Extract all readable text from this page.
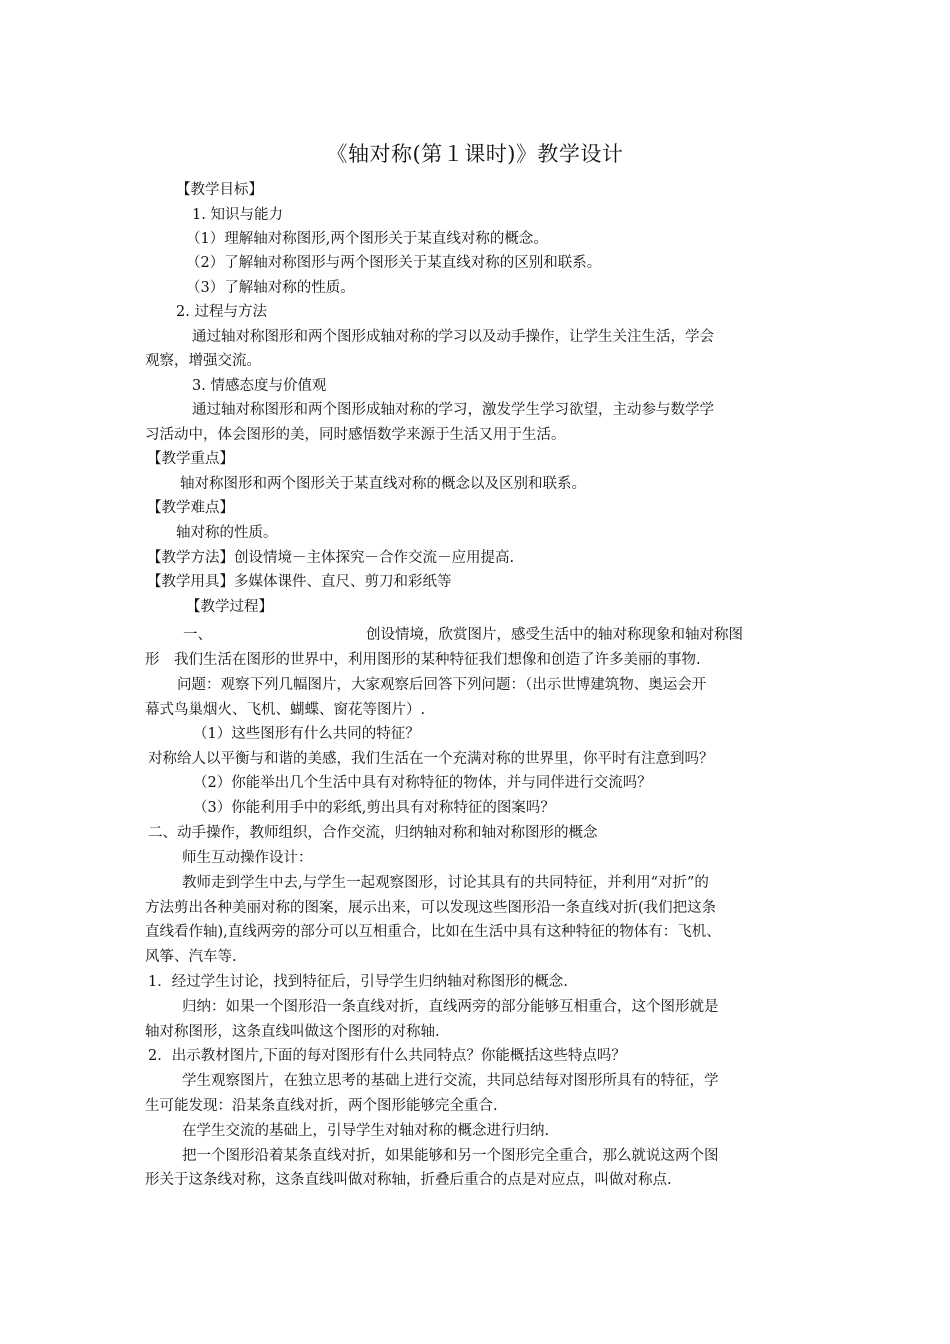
《轴对称(第１课时)》教学设计
【教学目标】
1. 知识与能力
（1）理解轴对称图形,两个图形关于某直线对称的概念。
（2）了解轴对称图形与两个图形关于某直线对称的区别和联系。
（3）了解轴对称的性质。
2. 过程与方法
通过轴对称图形和两个图形成轴对称的学习以及动手操作，让学生关注生活，学会
观察，增强交流。
3. 情感态度与价值观
通过轴对称图形和两个图形成轴对称的学习，激发学生学习欲望，主动参与数学学
习活动中，体会图形的美，同时感悟数学来源于生活又用于生活。
【教学重点】
轴对称图形和两个图形关于某直线对称的概念以及区别和联系。
【教学难点】
轴对称的性质。
【教学方法】创设情境－主体探究－合作交流－应用提高.
【教学用具】多媒体课件、直尺、剪刀和彩纸等
【教学过程】
一、	创设情境，欣赏图片，感受生活中的轴对称现象和轴对称图
形　我们生活在图形的世界中，利用图形的某种特征我们想像和创造了许多美丽的事物.
问题：观察下列几幅图片，大家观察后回答下列问题：（出示世博建筑物、奥运会开
幕式鸟巢烟火、飞机、蝴蝶、窗花等图片）.
（1）这些图形有什么共同的特征？
对称给人以平衡与和谐的美感，我们生活在一个充满对称的世界里，你平时有注意到吗？
（2）你能举出几个生活中具有对称特征的物体，并与同伴进行交流吗？
（3）你能利用手中的彩纸,剪出具有对称特征的图案吗？
二、动手操作，教师组织，合作交流，归纳轴对称和轴对称图形的概念
师生互动操作设计：
教师走到学生中去,与学生一起观察图形，讨论其具有的共同特征，并利用“对折”的
方法剪出各种美丽对称的图案，展示出来，可以发现这些图形沿一条直线对折(我们把这条
直线看作轴),直线两旁的部分可以互相重合，比如在生活中具有这种特征的物体有：飞机、
风筝、汽车等.
1．经过学生讨论，找到特征后，引导学生归纳轴对称图形的概念.
归纳：如果一个图形沿一条直线对折，直线两旁的部分能够互相重合，这个图形就是
轴对称图形，这条直线叫做这个图形的对称轴.
2．出示教材图片,下面的每对图形有什么共同特点？你能概括这些特点吗？
学生观察图片，在独立思考的基础上进行交流，共同总结每对图形所具有的特征，学
生可能发现：沿某条直线对折，两个图形能够完全重合.
在学生交流的基础上，引导学生对轴对称的概念进行归纳.
把一个图形沿着某条直线对折，如果能够和另一个图形完全重合，那么就说这两个图
形关于这条线对称，这条直线叫做对称轴，折叠后重合的点是对应点，叫做对称点.
